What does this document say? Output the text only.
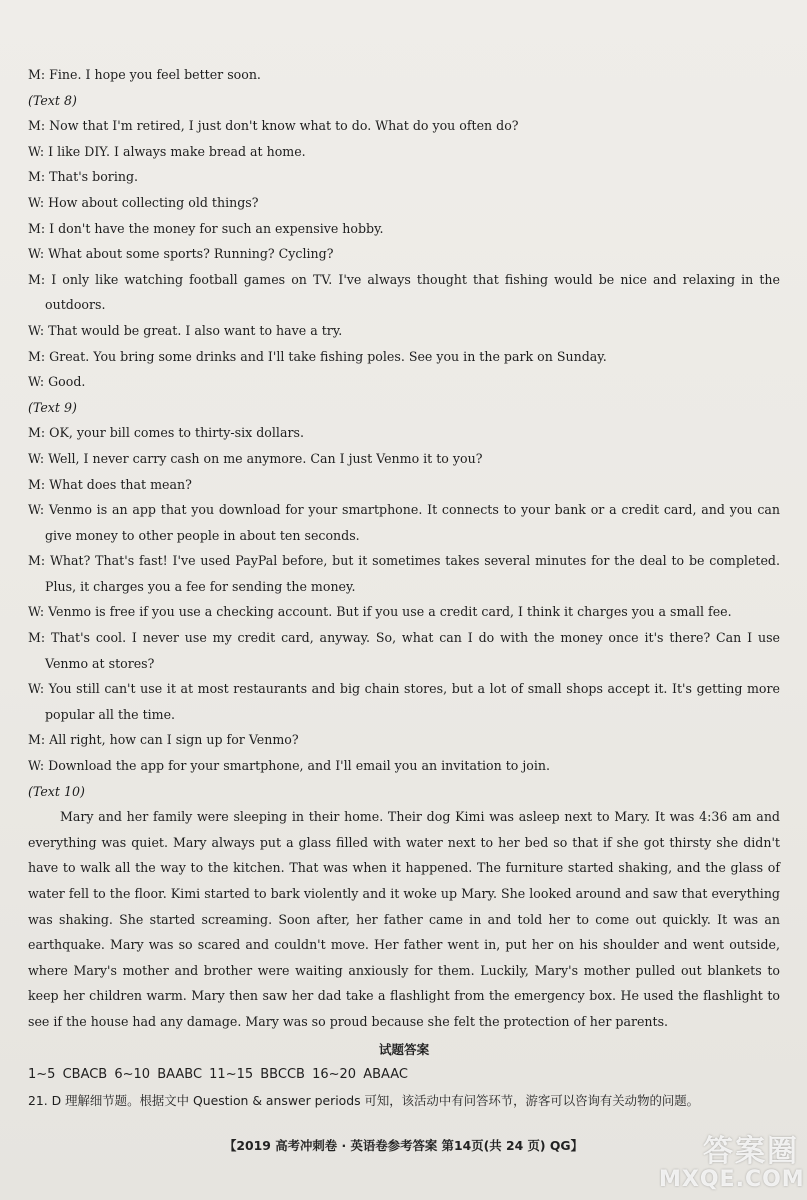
M: Fine. I hope you feel better soon.
(Text 8)
M: Now that I'm retired, I just don't know what to do. What do you often do?
W: I like DIY. I always make bread at home.
M: That's boring.
W: How about collecting old things?
M: I don't have the money for such an expensive hobby.
W: What about some sports? Running? Cycling?
M: I only like watching football games on TV. I've always thought that fishing would be nice and relaxing in the outdoors.
W: That would be great. I also want to have a try.
M: Great. You bring some drinks and I'll take fishing poles. See you in the park on Sunday.
W: Good.
(Text 9)
M: OK, your bill comes to thirty-six dollars.
W: Well, I never carry cash on me anymore. Can I just Venmo it to you?
M: What does that mean?
W: Venmo is an app that you download for your smartphone. It connects to your bank or a credit card, and you can give money to other people in about ten seconds.
M: What? That's fast! I've used PayPal before, but it sometimes takes several minutes for the deal to be completed. Plus, it charges you a fee for sending the money.
W: Venmo is free if you use a checking account. But if you use a credit card, I think it charges you a small fee.
M: That's cool. I never use my credit card, anyway. So, what can I do with the money once it's there? Can I use Venmo at stores?
W: You still can't use it at most restaurants and big chain stores, but a lot of small shops accept it. It's getting more popular all the time.
M: All right, how can I sign up for Venmo?
W: Download the app for your smartphone, and I'll email you an invitation to join.
(Text 10)
Mary and her family were sleeping in their home. Their dog Kimi was asleep next to Mary. It was 4:36 am and everything was quiet. Mary always put a glass filled with water next to her bed so that if she got thirsty she didn't have to walk all the way to the kitchen. That was when it happened. The furniture started shaking, and the glass of water fell to the floor. Kimi started to bark violently and it woke up Mary. She looked around and saw that everything was shaking. She started screaming. Soon after, her father came in and told her to come out quickly. It was an earthquake. Mary was so scared and couldn't move. Her father went in, put her on his shoulder and went outside, where Mary's mother and brother were waiting anxiously for them. Luckily, Mary's mother pulled out blankets to keep her children warm. Mary then saw her dad take a flashlight from the emergency box. He used the flashlight to see if the house had any damage. Mary was so proud because she felt the protection of her parents.
试题答案
1~5 CBACB 6~10 BAABC 11~15 BBCCB 16~20 ABAAC
21. D 理解细节题。根据文中 Question & answer periods 可知，该活动中有问答环节，游客可以咨询有关动物的问题。
【2019 高考冲刺卷 · 英语卷参考答案 第14页(共 24 页) QG】	答案圈
MXQE.COM
